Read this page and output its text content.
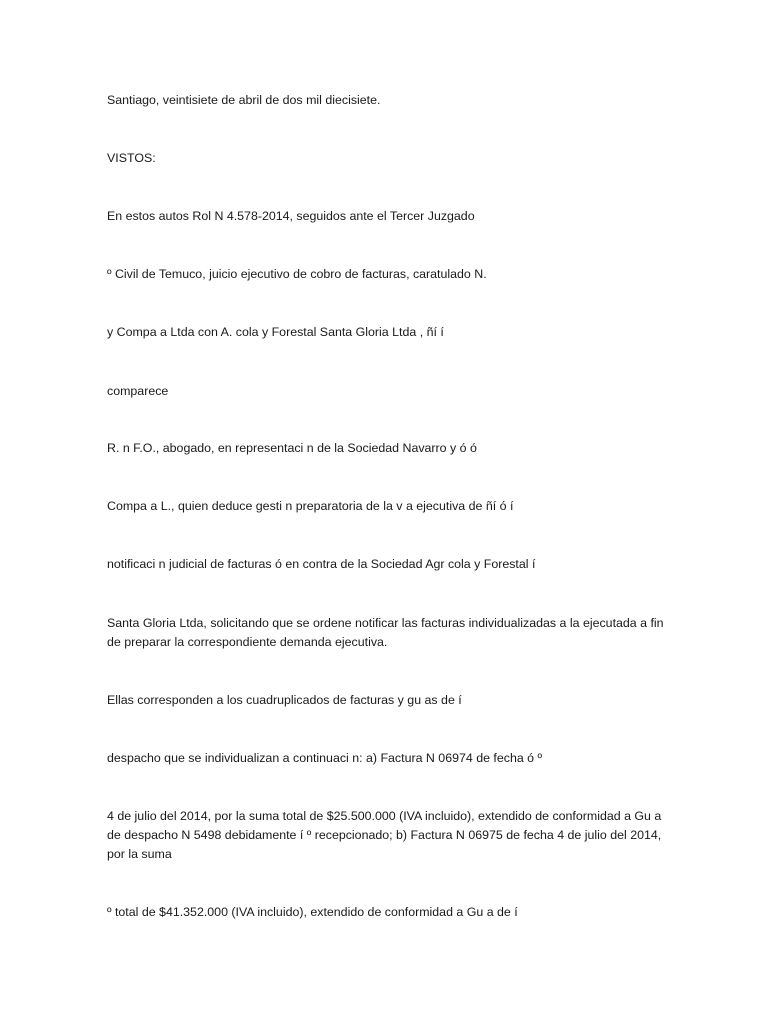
Santiago, veintisiete de abril de dos mil diecisiete.

VISTOS:

En estos autos Rol N 4.578-2014, seguidos ante el Tercer Juzgado

º Civil de Temuco, juicio ejecutivo de cobro de facturas, caratulado N.

y Compa a Ltda con A. cola y Forestal Santa Gloria Ltda , ñí í

comparece

R. n F.O., abogado, en representaci n de la Sociedad Navarro y ó ó

Compa a L., quien deduce gesti n preparatoria de la v a ejecutiva de ñí ó í

notificaci n judicial de facturas ó en contra de la Sociedad Agr cola y Forestal í

Santa Gloria Ltda, solicitando que se ordene notificar las facturas individualizadas a la ejecutada a fin de preparar la correspondiente demanda ejecutiva.

Ellas corresponden a los cuadruplicados de facturas y gu as de í

despacho que se individualizan a continuaci n: a) Factura N 06974 de fecha ó º

4 de julio del 2014, por la suma total de $25.500.000 (IVA incluido), extendido de conformidad a Gu a de despacho N 5498 debidamente í º recepcionado; b) Factura N 06975 de fecha 4 de julio del 2014, por la suma

º total de $41.352.000 (IVA incluido), extendido de conformidad a Gu a de í
